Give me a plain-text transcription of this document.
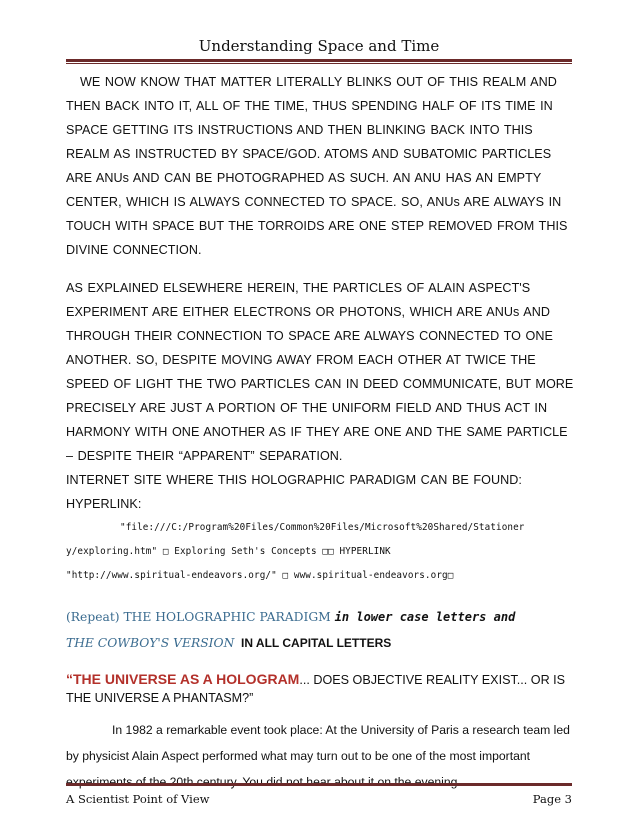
Understanding Space and Time

WE NOW KNOW THAT MATTER LITERALLY BLINKS OUT OF THIS REALM AND THEN BACK INTO IT, ALL OF THE TIME, THUS SPENDING HALF OF ITS TIME IN SPACE GETTING ITS INSTRUCTIONS AND THEN BLINKING BACK INTO THIS REALM AS INSTRUCTED BY SPACE/GOD. ATOMS AND SUBATOMIC PARTICLES ARE ANUs AND CAN BE PHOTOGRAPHED AS SUCH. AN ANU HAS AN EMPTY CENTER, WHICH IS ALWAYS CONNECTED TO SPACE. SO, ANUs ARE ALWAYS IN TOUCH WITH SPACE BUT THE TORROIDS ARE ONE STEP REMOVED FROM THIS DIVINE CONNECTION.

AS EXPLAINED ELSEWHERE HEREIN, THE PARTICLES OF ALAIN ASPECT'S EXPERIMENT ARE EITHER ELECTRONS OR PHOTONS, WHICH ARE ANUs AND THROUGH THEIR CONNECTION TO SPACE ARE ALWAYS CONNECTED TO ONE ANOTHER. SO, DESPITE MOVING AWAY FROM EACH OTHER AT TWICE THE SPEED OF LIGHT THE TWO PARTICLES CAN IN DEED COMMUNICATE, BUT MORE PRECISELY ARE JUST A PORTION OF THE UNIFORM FIELD AND THUS ACT IN HARMONY WITH ONE ANOTHER AS IF THEY ARE ONE AND THE SAME PARTICLE – DESPITE THEIR “APPARENT” SEPARATION.

INTERNET SITE WHERE THIS HOLOGRAPHIC PARADIGM CAN BE FOUND: HYPERLINK:

"file:///C:/Program%20Files/Common%20Files/Microsoft%20Shared/Stationer

y/exploring.htm" □ Exploring Seth's Concepts □□ HYPERLINK

"http://www.spiritual-endeavors.org/" □ www.spiritual-endeavors.org□

(Repeat) THE HOLOGRAPHIC PARADIGM in lower case letters and

THE COWBOY'S VERSION  IN ALL CAPITAL LETTERS

“THE UNIVERSE AS A HOLOGRAM... DOES OBJECTIVE REALITY EXIST... OR IS THE UNIVERSE A PHANTASM?”

In 1982 a remarkable event took place: At the University of Paris a research team led by physicist Alain Aspect performed what may turn out to be one of the most important experiments of the 20th century. You did not hear about it on the evening

A Scientist Point of View	Page 3
